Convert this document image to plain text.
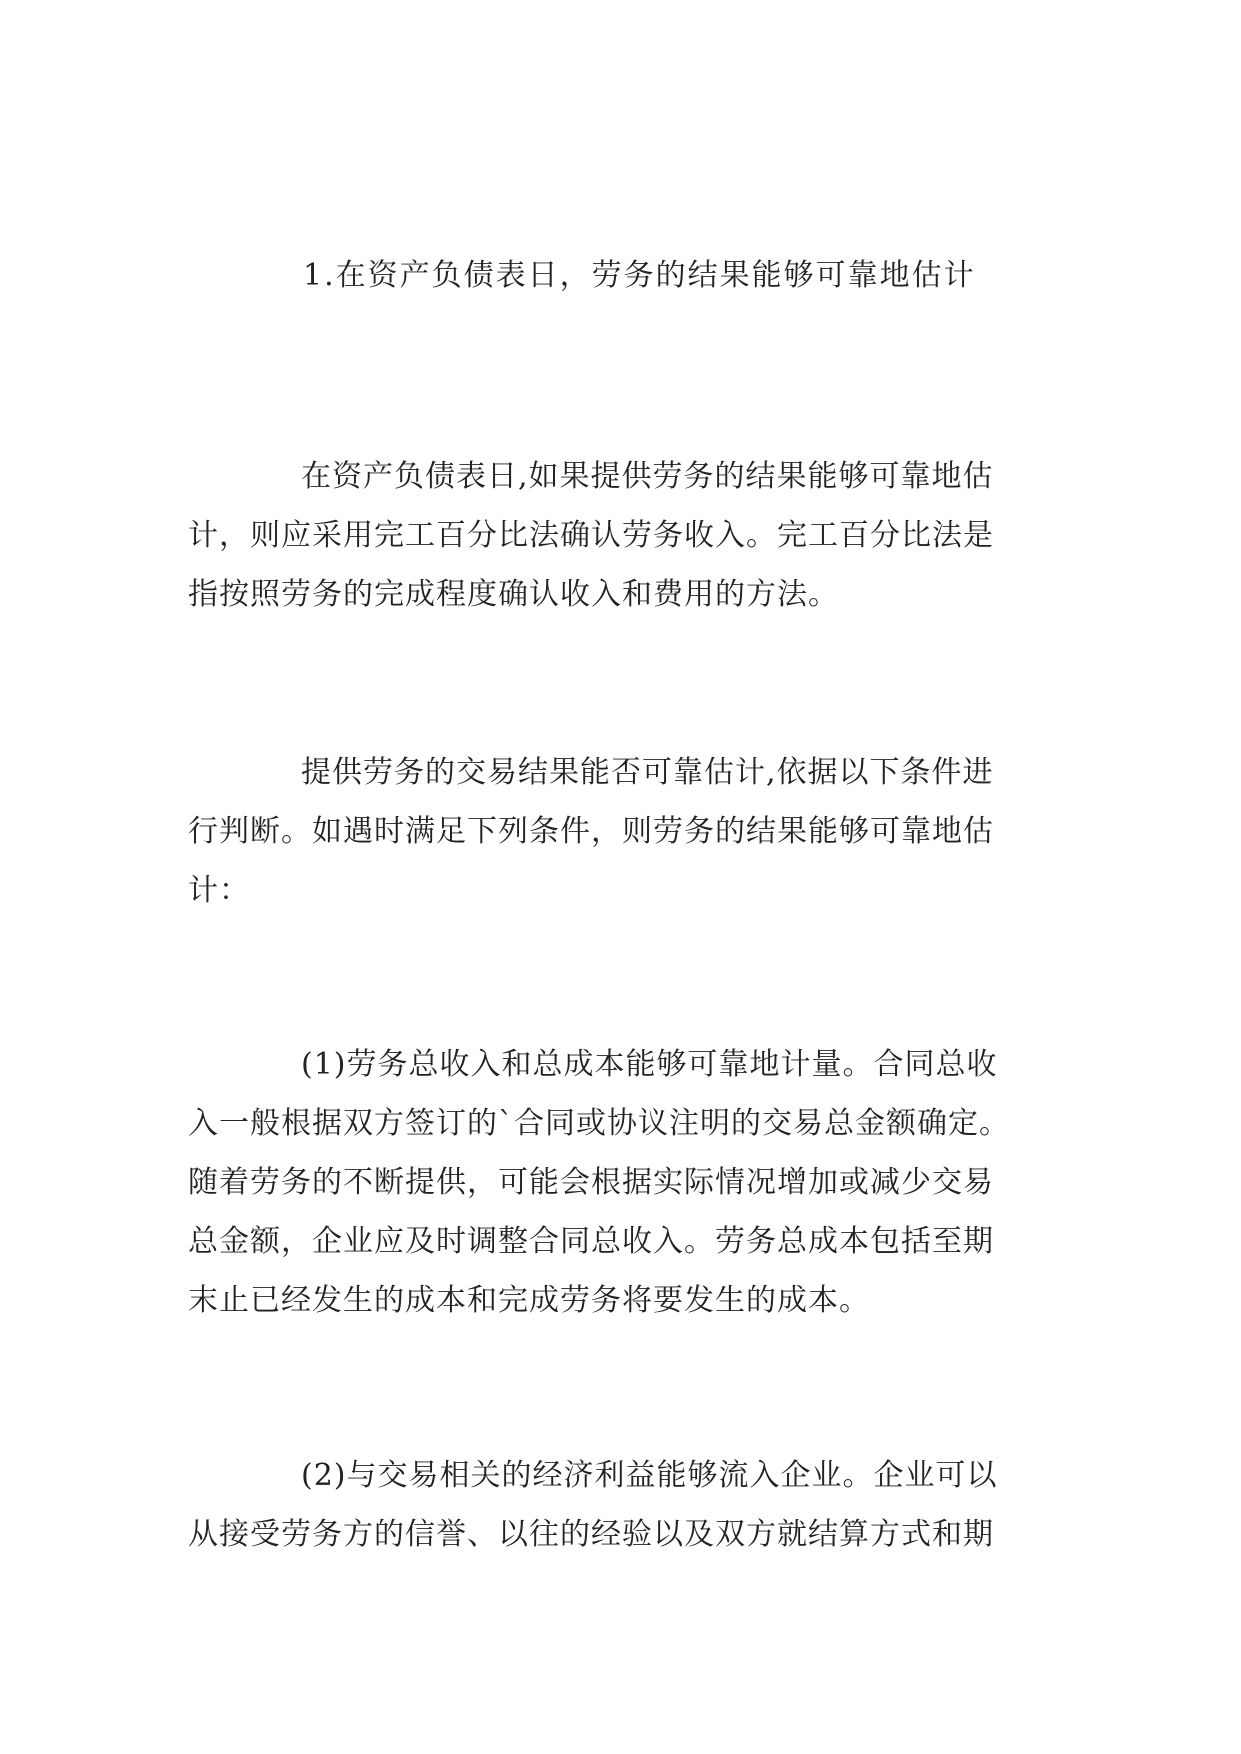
1.在资产负债表日，劳务的结果能够可靠地估计

在资产负债表日,如果提供劳务的结果能够可靠地估
计，则应采用完工百分比法确认劳务收入。完工百分比法是
指按照劳务的完成程度确认收入和费用的方法。

提供劳务的交易结果能否可靠估计,依据以下条件进
行判断。如遇时满足下列条件，则劳务的结果能够可靠地估
计：

(1)劳务总收入和总成本能够可靠地计量。合同总收
入一般根据双方签订的`合同或协议注明的交易总金额确定。
随着劳务的不断提供，可能会根据实际情况增加或减少交易
总金额，企业应及时调整合同总收入。劳务总成本包括至期
末止已经发生的成本和完成劳务将要发生的成本。

(2)与交易相关的经济利益能够流入企业。企业可以
从接受劳务方的信誉、以往的经验以及双方就结算方式和期
